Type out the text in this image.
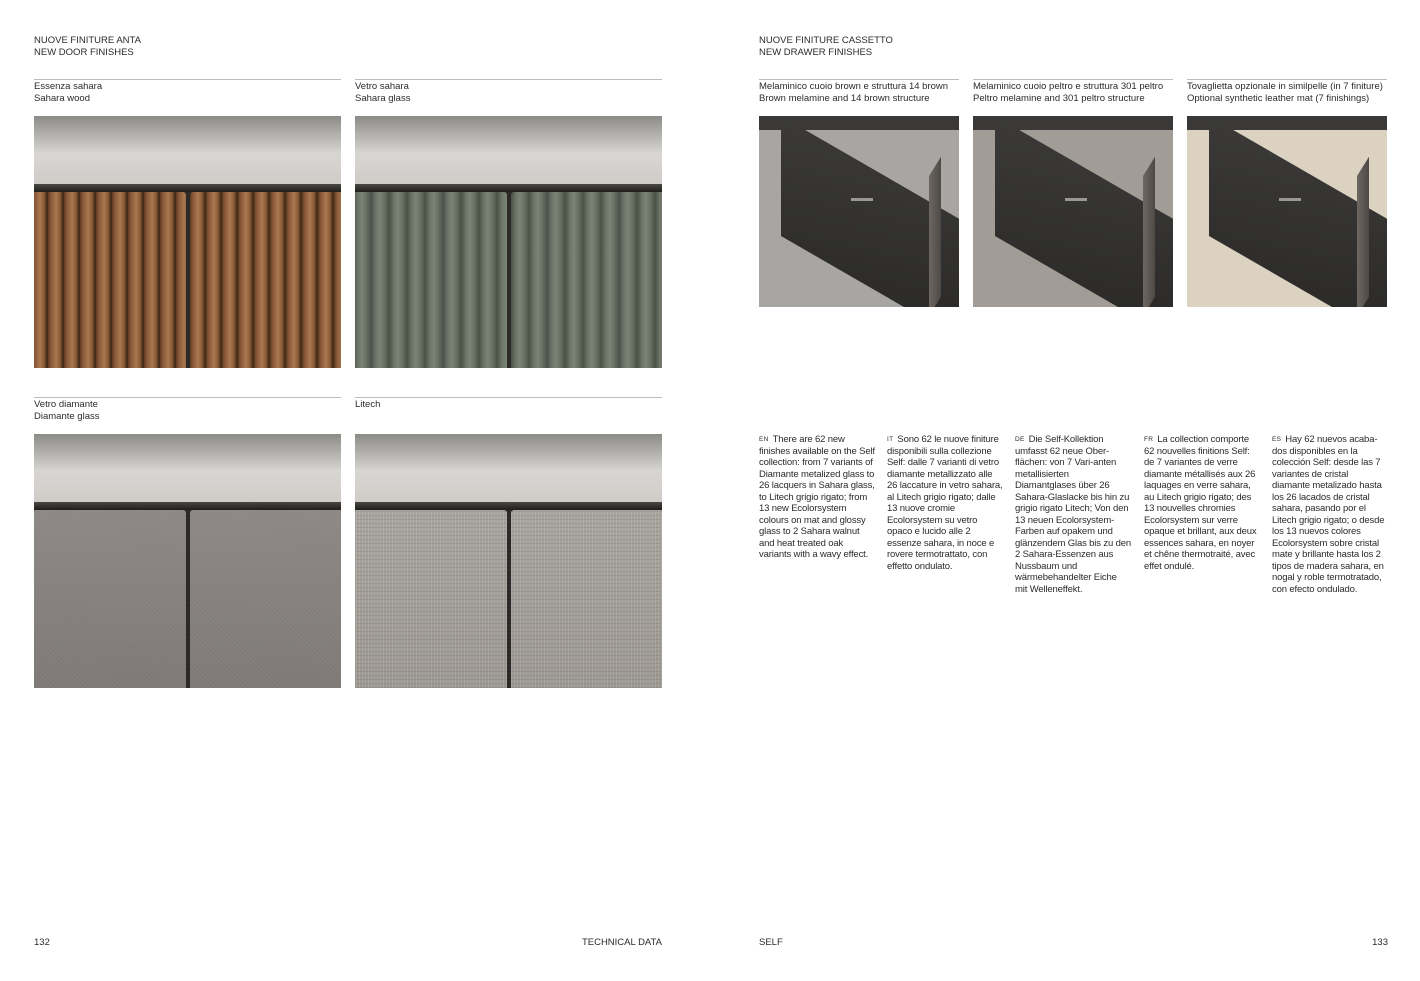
NUOVE FINITURE ANTA
NEW DOOR FINISHES
Essenza sahara
Sahara wood
Vetro sahara
Sahara glass
Vetro diamante
Diamante glass
Litech
132	TECHNICAL DATA
NUOVE FINITURE CASSETTO
NEW DRAWER FINISHES
Melaminico cuoio brown e struttura 14 brown
Brown melamine and 14 brown structure
Melaminico cuoio peltro e struttura 301 peltro
Peltro melamine and 301 peltro structure
Tovaglietta opzionale in similpelle (in 7 finiture)
Optional synthetic leather mat (7 finishings)
EN There are 62 new finishes available on the Self collection: from 7 variants of Diamante metalized glass to 26 lacquers in Sahara glass, to Litech grigio rigato; from 13 new Ecolorsystem colours on mat and glossy glass to 2 Sahara walnut and heat treated oak variants with a wavy effect.
IT Sono 62 le nuove finiture disponibili sulla collezione Self: dalle 7 varianti di vetro diamante metallizzato alle 26 laccature in vetro sahara, al Litech grigio rigato; dalle 13 nuove cromie Ecolorsystem su vetro opaco e lucido alle 2 essenze sahara, in noce e rovere termotrattato, con effetto ondulato.
DE Die Self-Kollektion umfasst 62 neue Ober-flächen: von 7 Vari-anten metallisierten Diamantglases über 26 Sahara-Glaslacke bis hin zu grigio rigato Litech; Von den 13 neuen Ecolorsystem-Farben auf opakem und glänzendem Glas bis zu den 2 Sahara-Essenzen aus Nussbaum und wärmebehandelter Eiche mit Welleneffekt.
FR La collection comporte 62 nouvelles finitions Self: de 7 variantes de verre diamante métallisés aux 26 laquages en verre sahara, au Litech grigio rigato; des 13 nouvelles chromies Ecolorsystem sur verre opaque et brillant, aux deux essences sahara, en noyer et chêne thermotraité, avec effet ondulé.
ES Hay 62 nuevos acaba-dos disponibles en la colección Self: desde las 7 variantes de cristal diamante metalizado hasta los 26 lacados de cristal sahara, pasando por el Litech grigio rigato; o desde los 13 nuevos colores Ecolorsystem sobre cristal mate y brillante hasta los 2 tipos de madera sahara, en nogal y roble termotratado, con efecto ondulado.
SELF	133
